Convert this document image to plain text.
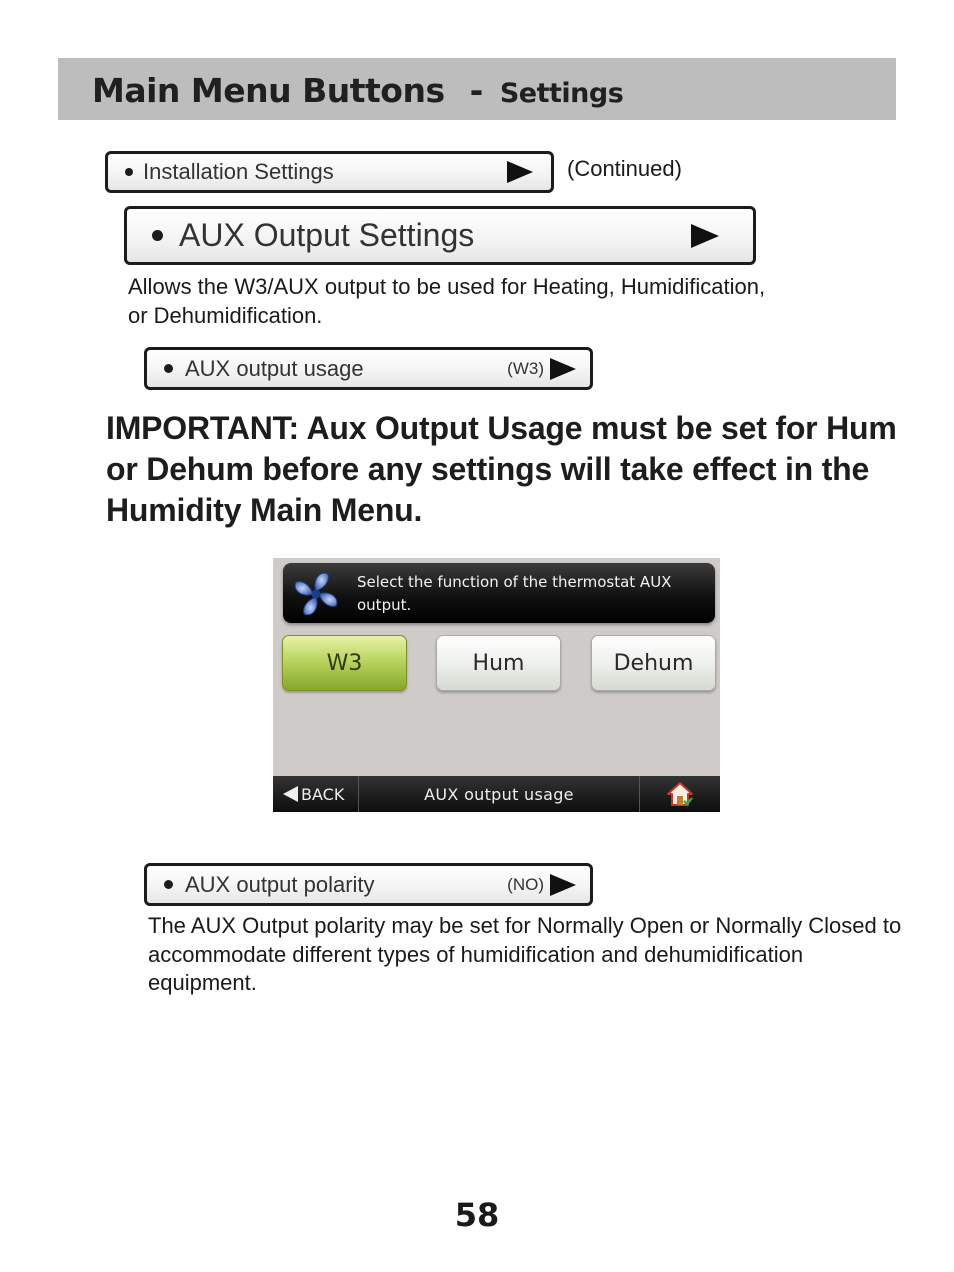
Main Menu Buttons - Settings
Installation Settings	(Continued)
AUX Output Settings
Allows the W3/AUX output to be used for Heating, Humidification, or Dehumidification.
AUX output usage	(W3)
IMPORTANT: Aux Output Usage must be set for Hum or Dehum before any settings will take effect in the Humidity Main Menu.
Select the function of the thermostat AUX output.
W3	Hum	Dehum
BACK	AUX output usage
AUX output polarity	(NO)
The AUX Output polarity may be set for Normally Open or Normally Closed to accommodate different types of humidification and dehumidification equipment.
58
